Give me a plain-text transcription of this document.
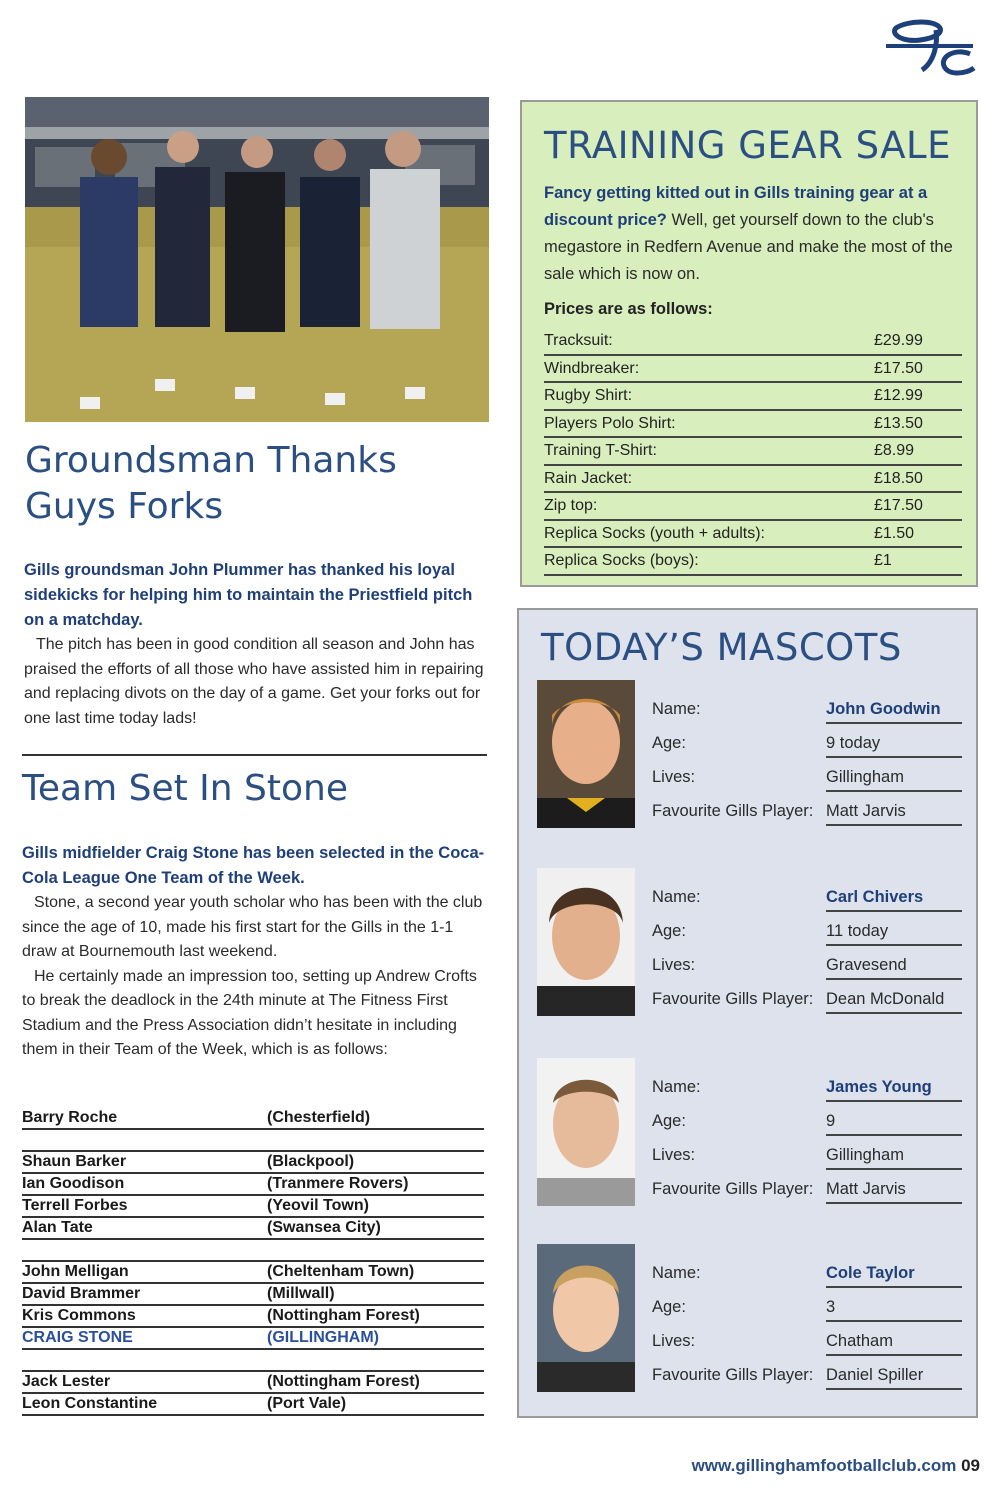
Groundsman Thanks
Guys Forks
Gills groundsman John Plummer has thanked his loyal sidekicks for helping him to maintain the Priestfield pitch on a matchday.

The pitch has been in good condition all season and John has praised the efforts of all those who have assisted him in repairing and replacing divots on the day of a game. Get your forks out for one last time today lads!

Team Set In Stone
Gills midfielder Craig Stone has been selected in the Coca-Cola League One Team of the Week.

Stone, a second year youth scholar who has been with the club since the age of 10, made his first start for the Gills in the 1-1 draw at Bournemouth last weekend.

He certainly made an impression too, setting up Andrew Crofts to break the deadlock in the 24th minute at The Fitness First Stadium and the Press Association didn’t hesitate in including them in their Team of the Week, which is as follows:

Barry Roche	(Chesterfield)
Shaun Barker	(Blackpool)
Ian Goodison	(Tranmere Rovers)
Terrell Forbes	(Yeovil Town)
Alan Tate	(Swansea City)
John Melligan	(Cheltenham Town)
David Brammer	(Millwall)
Kris Commons	(Nottingham Forest)
CRAIG STONE	(GILLINGHAM)
Jack Lester	(Nottingham Forest)
Leon Constantine	(Port Vale)
TRAINING GEAR SALE
Fancy getting kitted out in Gills training gear at a discount price? Well, get yourself down to the club's megastore in Redfern Avenue and make the most of the sale which is now on.
Prices are as follows:
Tracksuit:	£29.99
Windbreaker:	£17.50
Rugby Shirt:	£12.99
Players Polo Shirt:	£13.50
Training T-Shirt:	£8.99
Rain Jacket:	£18.50
Zip top:	£17.50
Replica Socks (youth + adults):	£1.50
Replica Socks (boys):	£1
TODAY’S MASCOTS
Name:	John Goodwin
Age:	9 today
Lives:	Gillingham
Favourite Gills Player: Matt Jarvis
Name:	Carl Chivers
Age:	11 today
Lives:	Gravesend
Favourite Gills Player: Dean McDonald
Name:	James Young
Age:	9
Lives:	Gillingham
Favourite Gills Player: Matt Jarvis
Name:	Cole Taylor
Age:	3
Lives:	Chatham
Favourite Gills Player: Daniel Spiller
www.gillinghamfootballclub.com 09
